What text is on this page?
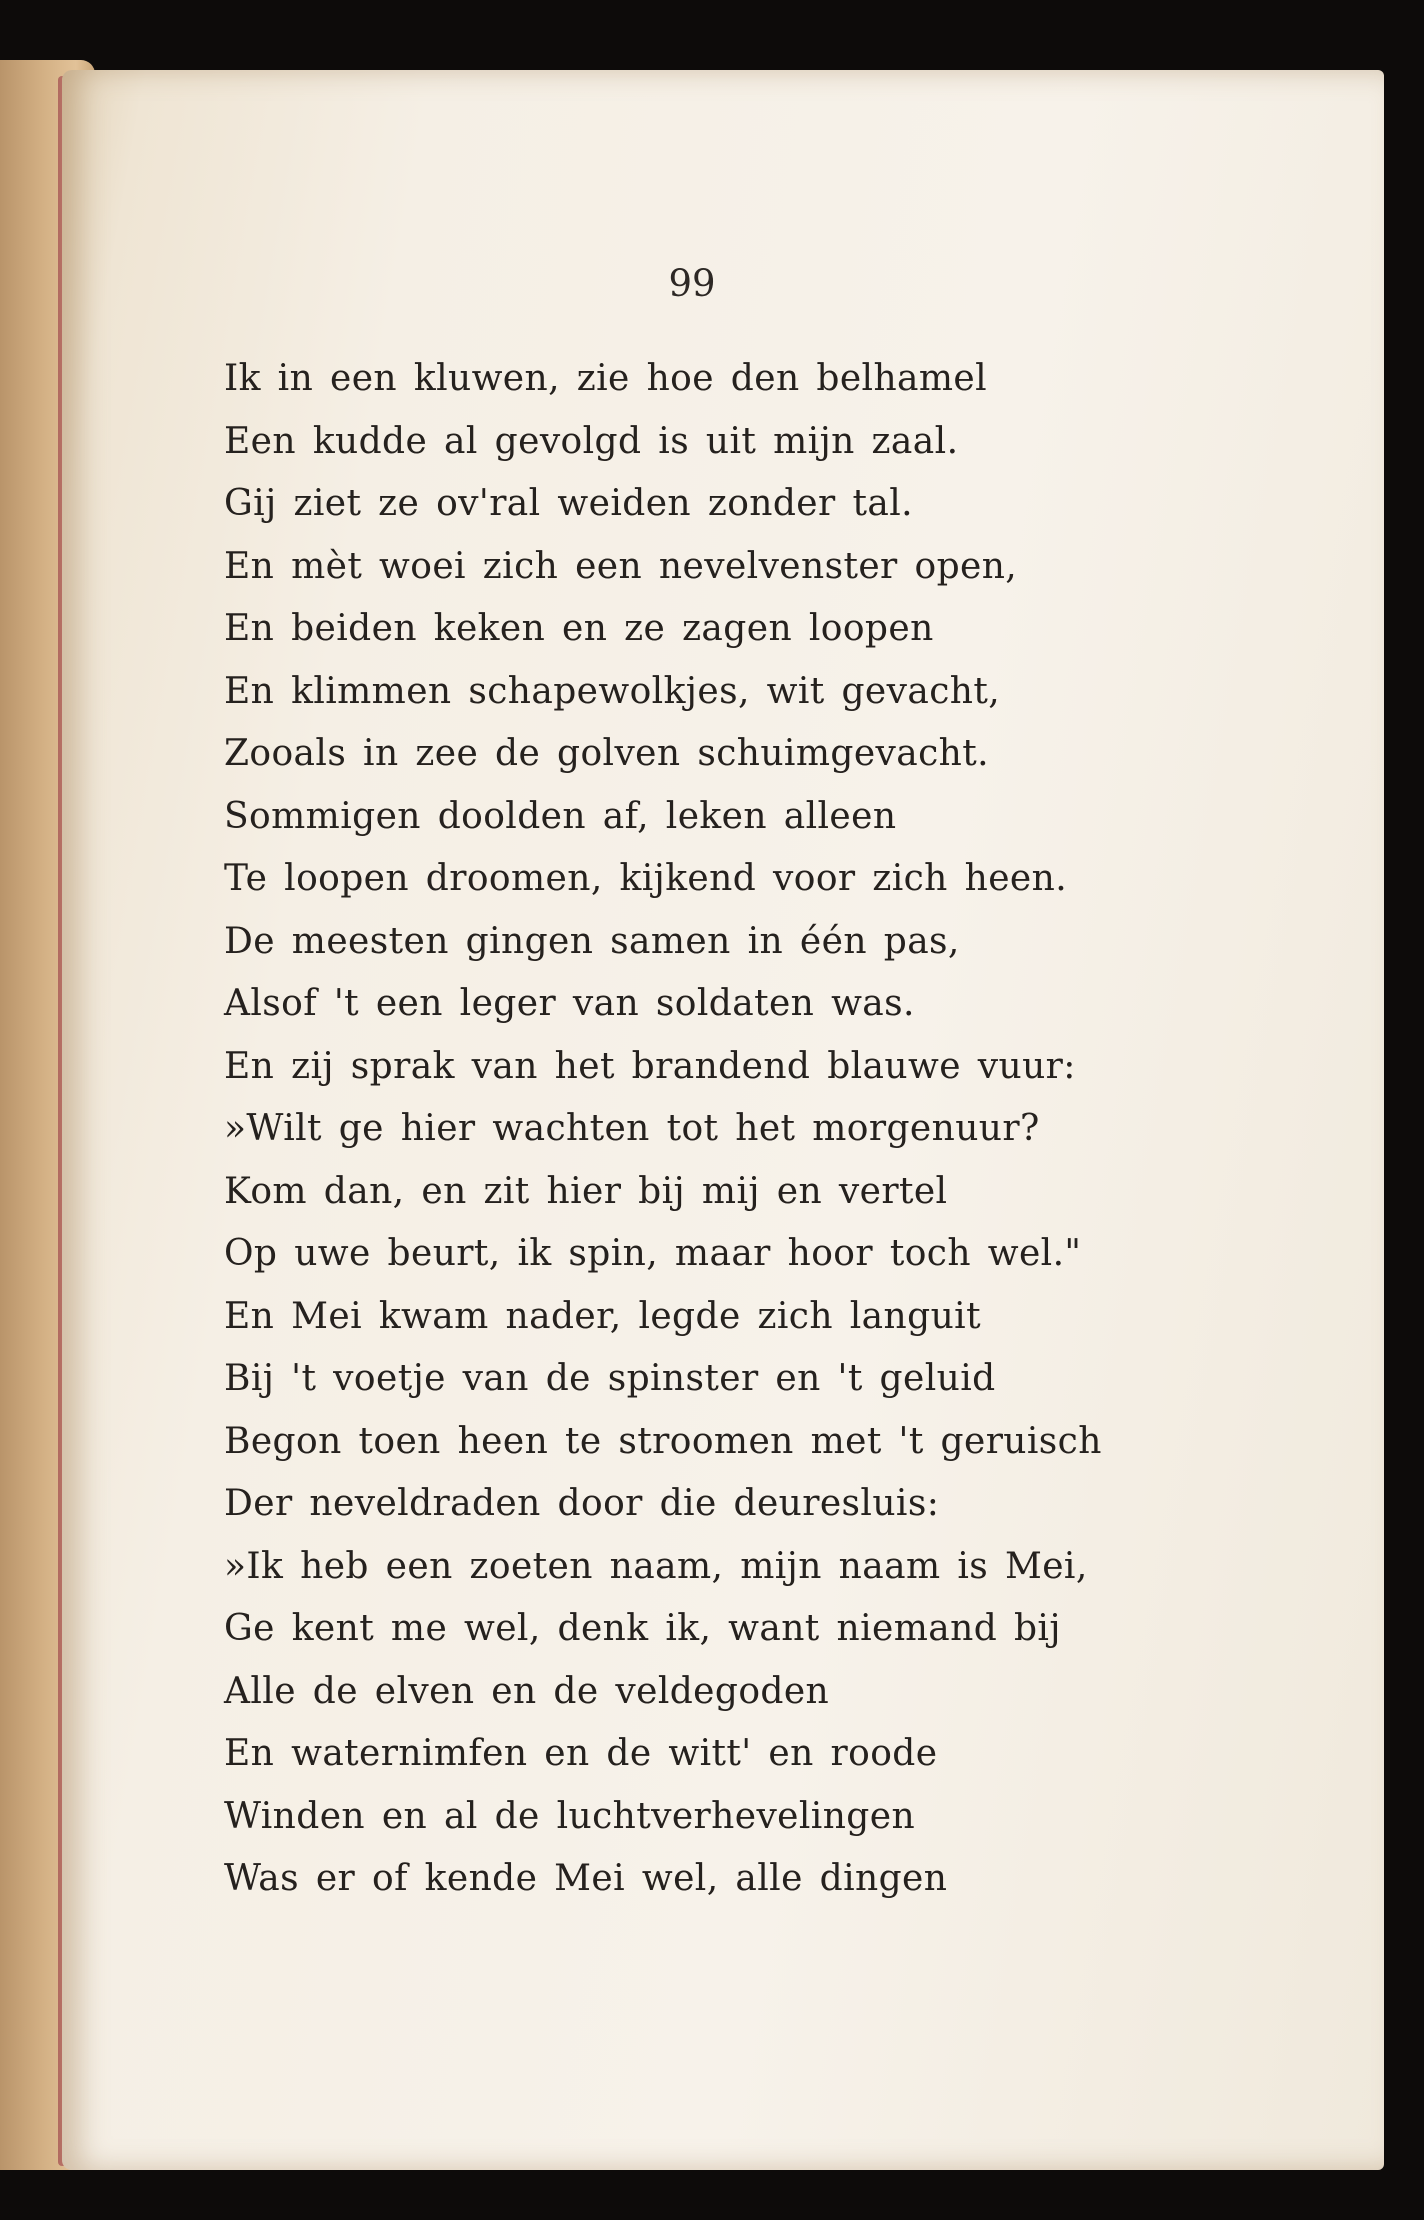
99
Ik in een kluwen, zie hoe den belhamel
Een kudde al gevolgd is uit mijn zaal.
Gij ziet ze ov'ral weiden zonder tal.
En mèt woei zich een nevelvenster open,
En beiden keken en ze zagen loopen
En klimmen schapewolkjes, wit gevacht,
Zooals in zee de golven schuimgevacht.
Sommigen doolden af, leken alleen
Te loopen droomen, kijkend voor zich heen.
De meesten gingen samen in één pas,
Alsof 't een leger van soldaten was.
En zij sprak van het brandend blauwe vuur:
»Wilt ge hier wachten tot het morgenuur?
Kom dan, en zit hier bij mij en vertel
Op uwe beurt, ik spin, maar hoor toch wel."
En Mei kwam nader, legde zich languit
Bij 't voetje van de spinster en 't geluid
Begon toen heen te stroomen met 't geruisch
Der neveldraden door die deuresluis:
»Ik heb een zoeten naam, mijn naam is Mei,
Ge kent me wel, denk ik, want niemand bij
Alle de elven en de veldegoden
En waternimfen en de witt' en roode
Winden en al de luchtverhevelingen
Was er of kende Mei wel, alle dingen
